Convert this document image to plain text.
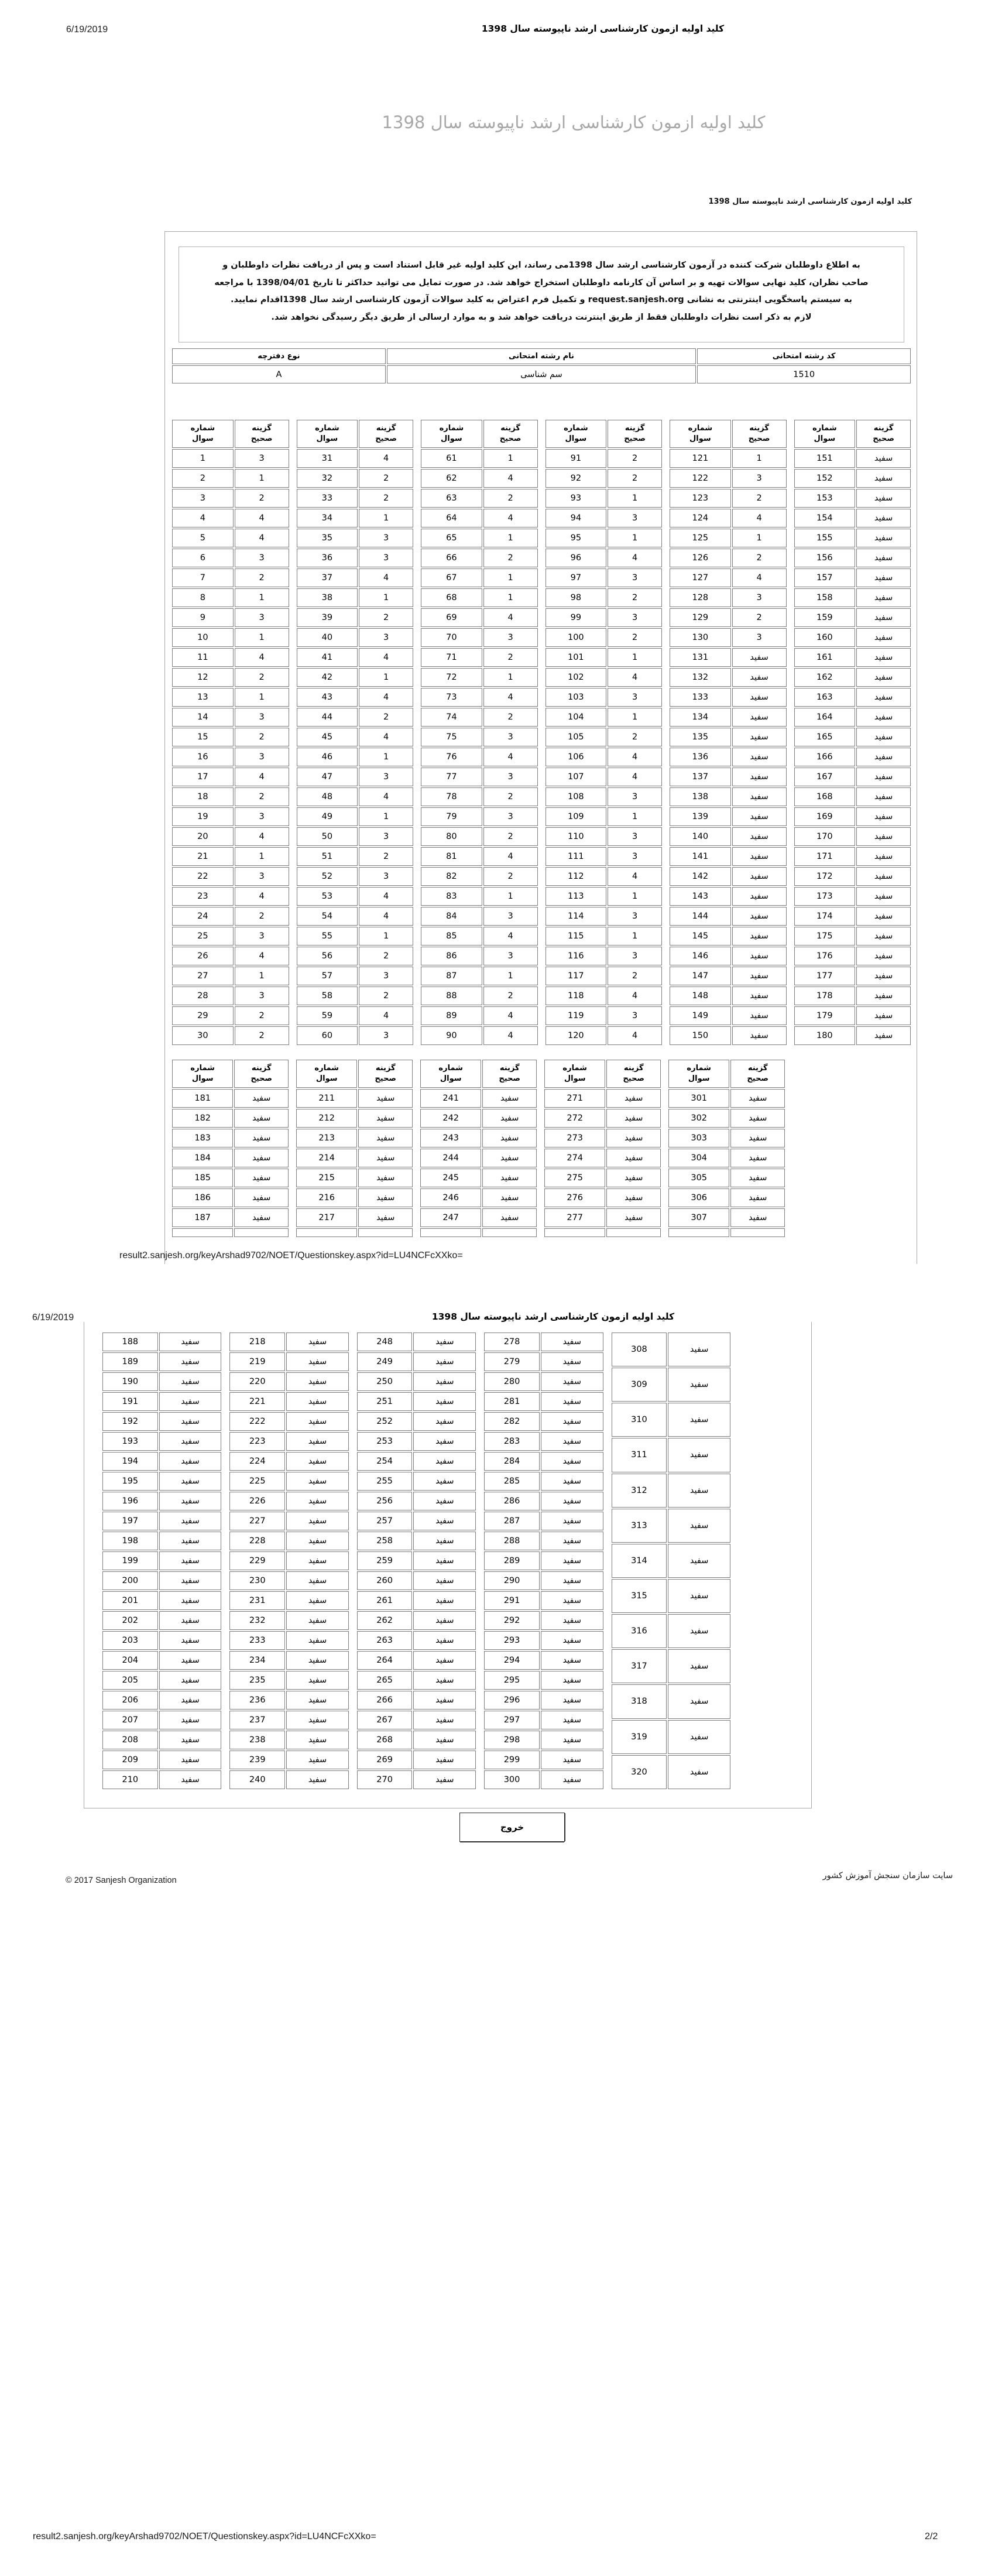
6/19/2019	کلید اولیه ازمون کارشناسی ارشد ناپیوسته سال 1398
کلید اولیه ازمون کارشناسی ارشد ناپیوسته سال 1398
کلید اولیه ازمون کارشناسی ارشد ناپیوسته سال 1398
به اطلاع داوطلبان شرکت کننده در آزمون کارشناسی ارشد سال 1398می رساند، این کلید اولیه غیر قابل استناد است و پس از دریافت نظرات داوطلبان و
صاحب نظران، کلید نهایی سوالات تهیه و بر اساس آن کارنامه داوطلبان استخراج خواهد شد. در صورت تمایل می توانید حداکثر تا تاریخ 1398/04/01 با مراجعه
به سیستم پاسخگویی اینترنتی به نشانی request.sanjesh.org و تکمیل فرم اعتراض به کلید سوالات آزمون کارشناسی ارشد سال 1398اقدام نمایید.
لازم به ذکر است نظرات داوطلبان فقط از طریق اینترنت دریافت خواهد شد و به موارد ارسالی از طریق دیگر رسیدگی نخواهد شد.
کد رشته امتحانی	نام رشته امتحانی	نوع دفترچه
1510	سم شناسی	A
شماره
سوال	گزینه
صحیح
1	3
2	1
3	2
4	4
5	4
6	3
7	2
8	1
9	3
10	1
11	4
12	2
13	1
14	3
15	2
16	3
17	4
18	2
19	3
20	4
21	1
22	3
23	4
24	2
25	3
26	4
27	1
28	3
29	2
30	2
شماره
سوال	گزینه
صحیح
31	4
32	2
33	2
34	1
35	3
36	3
37	4
38	1
39	2
40	3
41	4
42	1
43	4
44	2
45	4
46	1
47	3
48	4
49	1
50	3
51	2
52	3
53	4
54	4
55	1
56	2
57	3
58	2
59	4
60	3
شماره
سوال	گزینه
صحیح
61	1
62	4
63	2
64	4
65	1
66	2
67	1
68	1
69	4
70	3
71	2
72	1
73	4
74	2
75	3
76	4
77	3
78	2
79	3
80	2
81	4
82	2
83	1
84	3
85	4
86	3
87	1
88	2
89	4
90	4
شماره
سوال	گزینه
صحیح
91	2
92	2
93	1
94	3
95	1
96	4
97	3
98	2
99	3
100	2
101	1
102	4
103	3
104	1
105	2
106	4
107	4
108	3
109	1
110	3
111	3
112	4
113	1
114	3
115	1
116	3
117	2
118	4
119	3
120	4
شماره
سوال	گزینه
صحیح
121	1
122	3
123	2
124	4
125	1
126	2
127	4
128	3
129	2
130	3
131	سفید
132	سفید
133	سفید
134	سفید
135	سفید
136	سفید
137	سفید
138	سفید
139	سفید
140	سفید
141	سفید
142	سفید
143	سفید
144	سفید
145	سفید
146	سفید
147	سفید
148	سفید
149	سفید
150	سفید
شماره
سوال	گزینه
صحیح
151	سفید
152	سفید
153	سفید
154	سفید
155	سفید
156	سفید
157	سفید
158	سفید
159	سفید
160	سفید
161	سفید
162	سفید
163	سفید
164	سفید
165	سفید
166	سفید
167	سفید
168	سفید
169	سفید
170	سفید
171	سفید
172	سفید
173	سفید
174	سفید
175	سفید
176	سفید
177	سفید
178	سفید
179	سفید
180	سفید
شماره
سوال	گزینه
صحیح
181	سفید
182	سفید
183	سفید
184	سفید
185	سفید
186	سفید
187	سفید

شماره
سوال	گزینه
صحیح
211	سفید
212	سفید
213	سفید
214	سفید
215	سفید
216	سفید
217	سفید

شماره
سوال	گزینه
صحیح
241	سفید
242	سفید
243	سفید
244	سفید
245	سفید
246	سفید
247	سفید

شماره
سوال	گزینه
صحیح
271	سفید
272	سفید
273	سفید
274	سفید
275	سفید
276	سفید
277	سفید

شماره
سوال	گزینه
صحیح
301	سفید
302	سفید
303	سفید
304	سفید
305	سفید
306	سفید
307	سفید

result2.sanjesh.org/keyArshad9702/NOET/Questionskey.aspx?id=LU4NCFcXXko=
6/19/2019	کلید اولیه ازمون کارشناسی ارشد ناپیوسته سال 1398
188	سفید
189	سفید
190	سفید
191	سفید
192	سفید
193	سفید
194	سفید
195	سفید
196	سفید
197	سفید
198	سفید
199	سفید
200	سفید
201	سفید
202	سفید
203	سفید
204	سفید
205	سفید
206	سفید
207	سفید
208	سفید
209	سفید
210	سفید
218	سفید
219	سفید
220	سفید
221	سفید
222	سفید
223	سفید
224	سفید
225	سفید
226	سفید
227	سفید
228	سفید
229	سفید
230	سفید
231	سفید
232	سفید
233	سفید
234	سفید
235	سفید
236	سفید
237	سفید
238	سفید
239	سفید
240	سفید
248	سفید
249	سفید
250	سفید
251	سفید
252	سفید
253	سفید
254	سفید
255	سفید
256	سفید
257	سفید
258	سفید
259	سفید
260	سفید
261	سفید
262	سفید
263	سفید
264	سفید
265	سفید
266	سفید
267	سفید
268	سفید
269	سفید
270	سفید
278	سفید
279	سفید
280	سفید
281	سفید
282	سفید
283	سفید
284	سفید
285	سفید
286	سفید
287	سفید
288	سفید
289	سفید
290	سفید
291	سفید
292	سفید
293	سفید
294	سفید
295	سفید
296	سفید
297	سفید
298	سفید
299	سفید
300	سفید
308	سفید
309	سفید
310	سفید
311	سفید
312	سفید
313	سفید
314	سفید
315	سفید
316	سفید
317	سفید
318	سفید
319	سفید
320	سفید
خروج
© 2017 Sanjesh Organization	سایت سازمان سنجش آموزش کشور
result2.sanjesh.org/keyArshad9702/NOET/Questionskey.aspx?id=LU4NCFcXXko=	2/2
